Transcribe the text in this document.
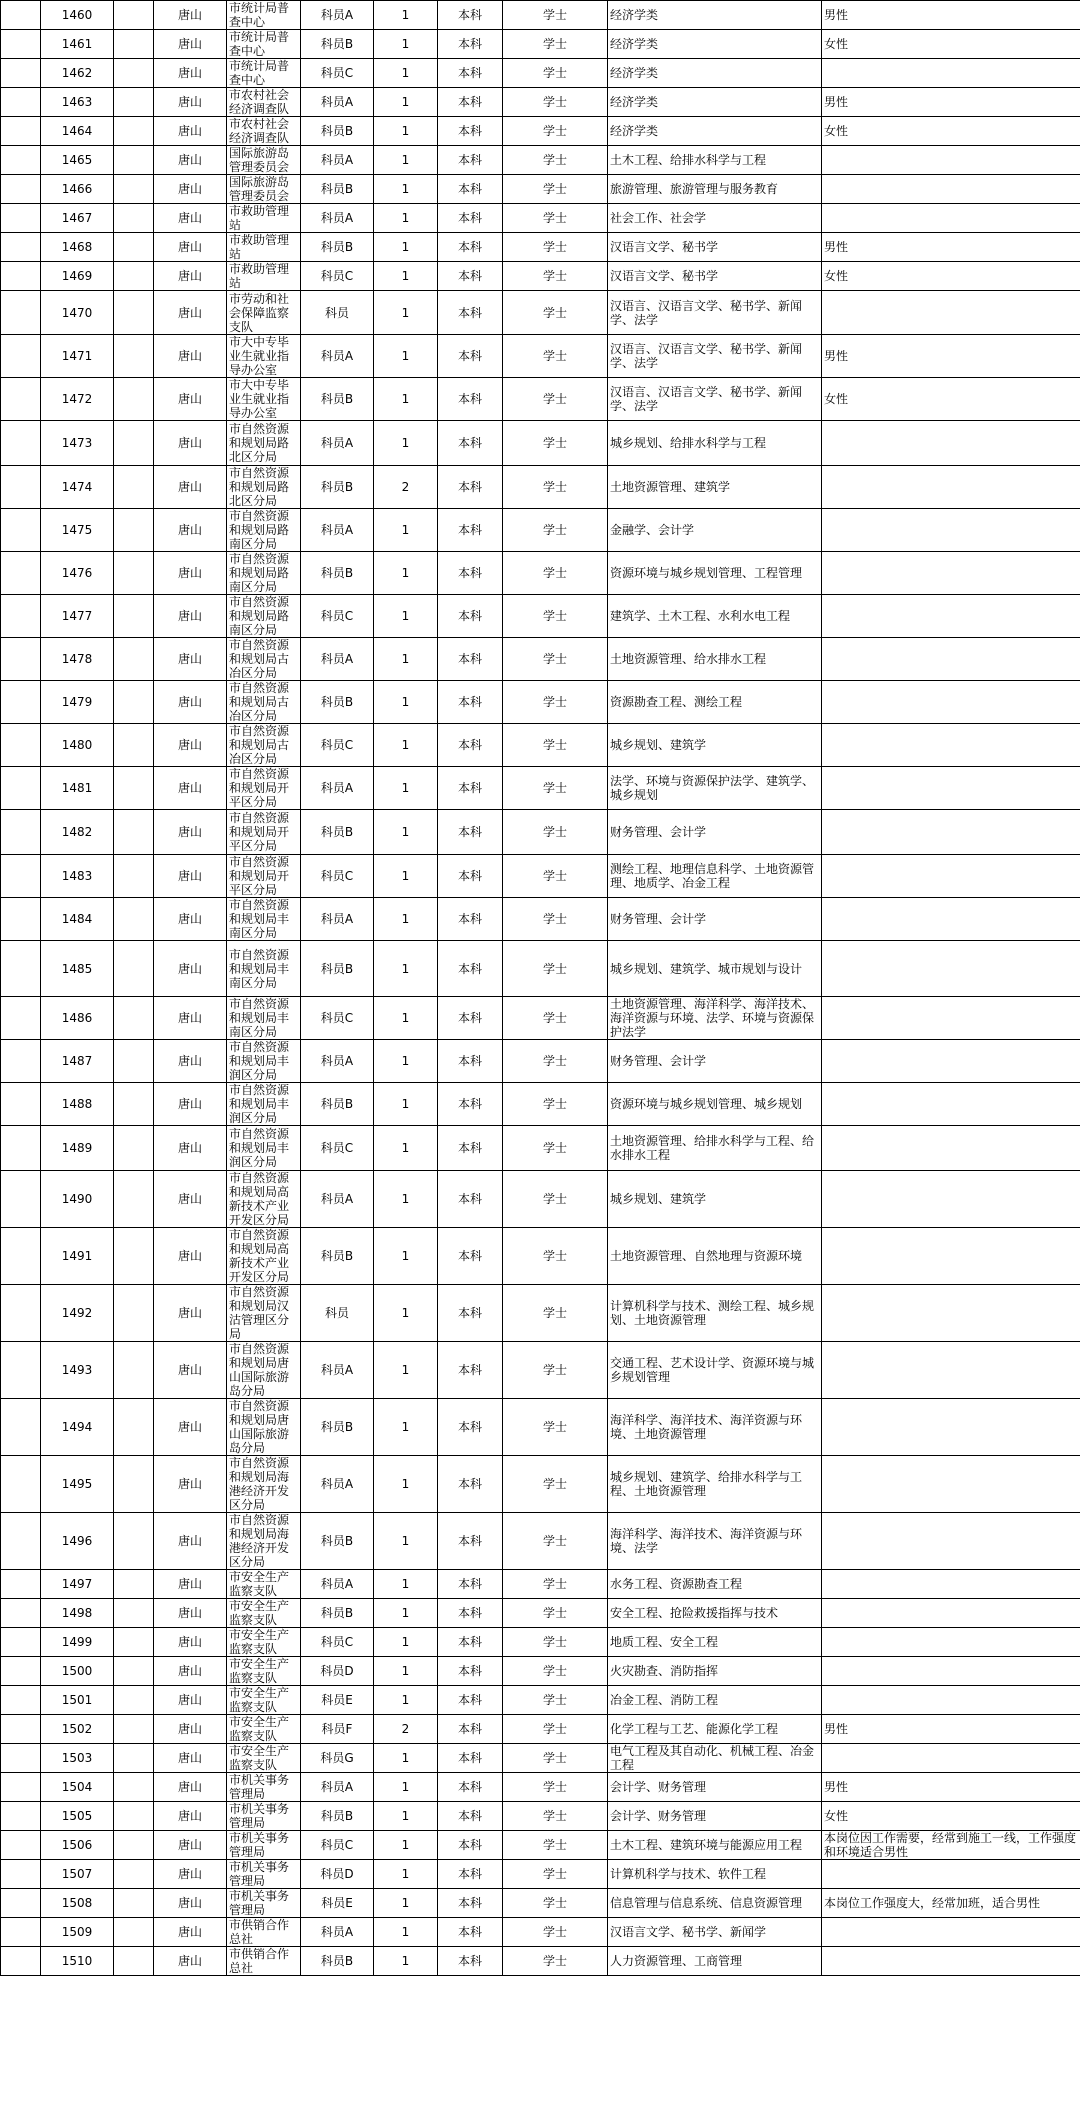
	1460		唐山	市统计局普查中心	科员A	1	本科	学士	经济学类	男性
	1461		唐山	市统计局普查中心	科员B	1	本科	学士	经济学类	女性
	1462		唐山	市统计局普查中心	科员C	1	本科	学士	经济学类	
	1463		唐山	市农村社会经济调查队	科员A	1	本科	学士	经济学类	男性
	1464		唐山	市农村社会经济调查队	科员B	1	本科	学士	经济学类	女性
	1465		唐山	国际旅游岛管理委员会	科员A	1	本科	学士	土木工程、给排水科学与工程	
	1466		唐山	国际旅游岛管理委员会	科员B	1	本科	学士	旅游管理、旅游管理与服务教育	
	1467		唐山	市救助管理站	科员A	1	本科	学士	社会工作、社会学	
	1468		唐山	市救助管理站	科员B	1	本科	学士	汉语言文学、秘书学	男性
	1469		唐山	市救助管理站	科员C	1	本科	学士	汉语言文学、秘书学	女性
	1470		唐山	市劳动和社会保障监察支队	科员	1	本科	学士	汉语言、汉语言文学、秘书学、新闻学、法学	
	1471		唐山	市大中专毕业生就业指导办公室	科员A	1	本科	学士	汉语言、汉语言文学、秘书学、新闻学、法学	男性
	1472		唐山	市大中专毕业生就业指导办公室	科员B	1	本科	学士	汉语言、汉语言文学、秘书学、新闻学、法学	女性
	1473		唐山	市自然资源和规划局路北区分局	科员A	1	本科	学士	城乡规划、给排水科学与工程	
	1474		唐山	市自然资源和规划局路北区分局	科员B	2	本科	学士	土地资源管理、建筑学	
	1475		唐山	市自然资源和规划局路南区分局	科员A	1	本科	学士	金融学、会计学	
	1476		唐山	市自然资源和规划局路南区分局	科员B	1	本科	学士	资源环境与城乡规划管理、工程管理	
	1477		唐山	市自然资源和规划局路南区分局	科员C	1	本科	学士	建筑学、土木工程、水利水电工程	
	1478		唐山	市自然资源和规划局古冶区分局	科员A	1	本科	学士	土地资源管理、给水排水工程	
	1479		唐山	市自然资源和规划局古冶区分局	科员B	1	本科	学士	资源勘查工程、测绘工程	
	1480		唐山	市自然资源和规划局古冶区分局	科员C	1	本科	学士	城乡规划、建筑学	
	1481		唐山	市自然资源和规划局开平区分局	科员A	1	本科	学士	法学、环境与资源保护法学、建筑学、城乡规划	
	1482		唐山	市自然资源和规划局开平区分局	科员B	1	本科	学士	财务管理、会计学	
	1483		唐山	市自然资源和规划局开平区分局	科员C	1	本科	学士	测绘工程、地理信息科学、土地资源管理、地质学、冶金工程	
	1484		唐山	市自然资源和规划局丰南区分局	科员A	1	本科	学士	财务管理、会计学	
	1485		唐山	市自然资源和规划局丰南区分局	科员B	1	本科	学士	城乡规划、建筑学、城市规划与设计	
	1486		唐山	市自然资源和规划局丰南区分局	科员C	1	本科	学士	土地资源管理、海洋科学、海洋技术、海洋资源与环境、法学、环境与资源保护法学	
	1487		唐山	市自然资源和规划局丰润区分局	科员A	1	本科	学士	财务管理、会计学	
	1488		唐山	市自然资源和规划局丰润区分局	科员B	1	本科	学士	资源环境与城乡规划管理、城乡规划	
	1489		唐山	市自然资源和规划局丰润区分局	科员C	1	本科	学士	土地资源管理、给排水科学与工程、给水排水工程	
	1490		唐山	市自然资源和规划局高新技术产业开发区分局	科员A	1	本科	学士	城乡规划、建筑学	
	1491		唐山	市自然资源和规划局高新技术产业开发区分局	科员B	1	本科	学士	土地资源管理、自然地理与资源环境	
	1492		唐山	市自然资源和规划局汉沽管理区分局	科员	1	本科	学士	计算机科学与技术、测绘工程、城乡规划、土地资源管理	
	1493		唐山	市自然资源和规划局唐山国际旅游岛分局	科员A	1	本科	学士	交通工程、艺术设计学、资源环境与城乡规划管理	
	1494		唐山	市自然资源和规划局唐山国际旅游岛分局	科员B	1	本科	学士	海洋科学、海洋技术、海洋资源与环境、土地资源管理	
	1495		唐山	市自然资源和规划局海港经济开发区分局	科员A	1	本科	学士	城乡规划、建筑学、给排水科学与工程、土地资源管理	
	1496		唐山	市自然资源和规划局海港经济开发区分局	科员B	1	本科	学士	海洋科学、海洋技术、海洋资源与环境、法学	
	1497		唐山	市安全生产监察支队	科员A	1	本科	学士	水务工程、资源勘查工程	
	1498		唐山	市安全生产监察支队	科员B	1	本科	学士	安全工程、抢险救援指挥与技术	
	1499		唐山	市安全生产监察支队	科员C	1	本科	学士	地质工程、安全工程	
	1500		唐山	市安全生产监察支队	科员D	1	本科	学士	火灾勘查、消防指挥	
	1501		唐山	市安全生产监察支队	科员E	1	本科	学士	冶金工程、消防工程	
	1502		唐山	市安全生产监察支队	科员F	2	本科	学士	化学工程与工艺、能源化学工程	男性
	1503		唐山	市安全生产监察支队	科员G	1	本科	学士	电气工程及其自动化、机械工程、冶金工程	
	1504		唐山	市机关事务管理局	科员A	1	本科	学士	会计学、财务管理	男性
	1505		唐山	市机关事务管理局	科员B	1	本科	学士	会计学、财务管理	女性
	1506		唐山	市机关事务管理局	科员C	1	本科	学士	土木工程、建筑环境与能源应用工程	本岗位因工作需要，经常到施工一线，工作强度和环境适合男性
	1507		唐山	市机关事务管理局	科员D	1	本科	学士	计算机科学与技术、软件工程	
	1508		唐山	市机关事务管理局	科员E	1	本科	学士	信息管理与信息系统、信息资源管理	本岗位工作强度大，经常加班，适合男性
	1509		唐山	市供销合作总社	科员A	1	本科	学士	汉语言文学、秘书学、新闻学	
	1510		唐山	市供销合作总社	科员B	1	本科	学士	人力资源管理、工商管理	
